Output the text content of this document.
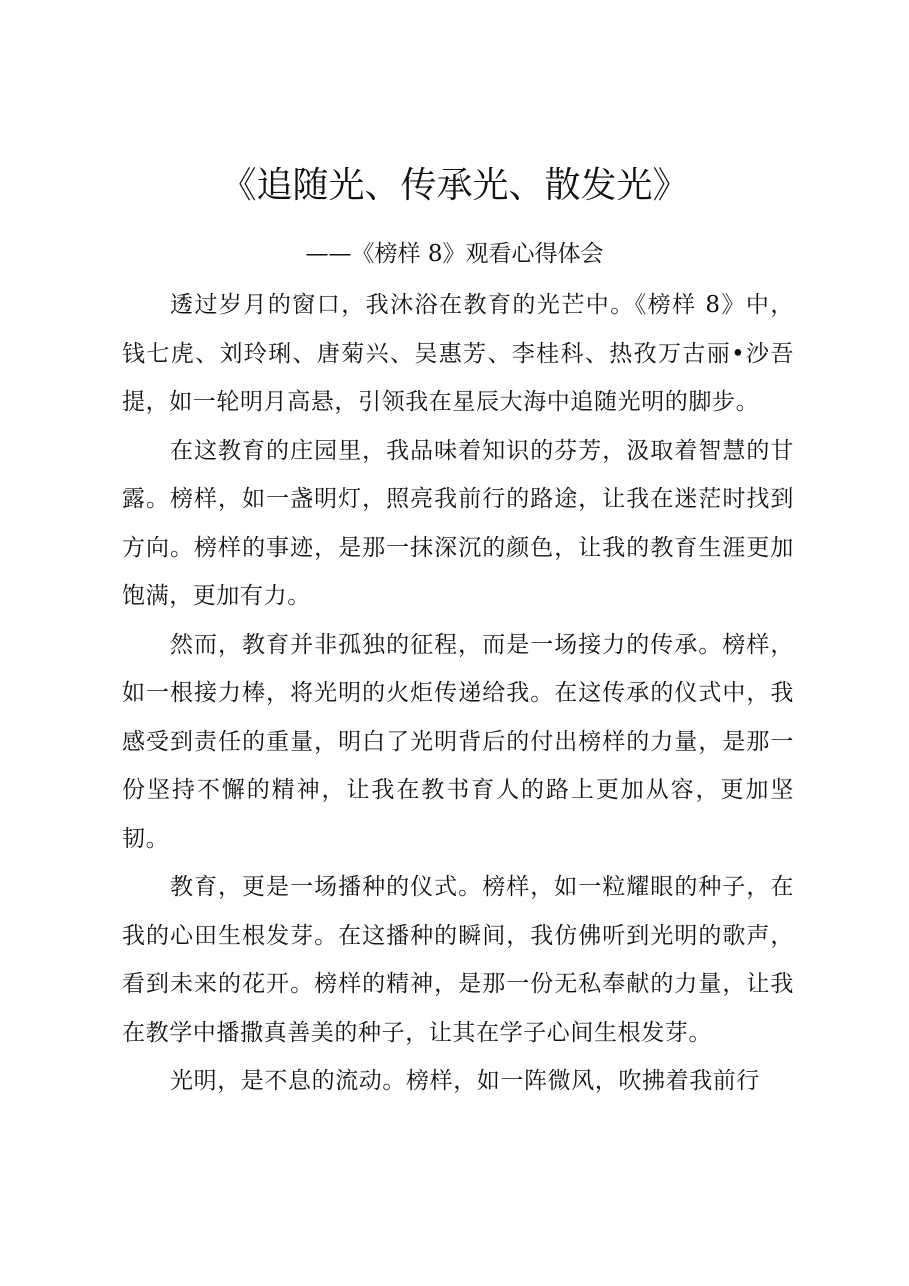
《追随光、传承光、散发光》
——《榜样 8》观看心得体会

透过岁月的窗口，我沐浴在教育的光芒中。《榜样 8》中，钱七虎、刘玲琍、唐菊兴、吴惠芳、李桂科、热孜万古丽•沙吾提，如一轮明月高悬，引领我在星辰大海中追随光明的脚步。

在这教育的庄园里，我品味着知识的芬芳，汲取着智慧的甘露。榜样，如一盏明灯，照亮我前行的路途，让我在迷茫时找到方向。榜样的事迹，是那一抹深沉的颜色，让我的教育生涯更加饱满，更加有力。

然而，教育并非孤独的征程，而是一场接力的传承。榜样，如一根接力棒，将光明的火炬传递给我。在这传承的仪式中，我感受到责任的重量，明白了光明背后的付出榜样的力量，是那一份坚持不懈的精神，让我在教书育人的路上更加从容，更加坚韧。

教育，更是一场播种的仪式。榜样，如一粒耀眼的种子，在我的心田生根发芽。在这播种的瞬间，我仿佛听到光明的歌声，看到未来的花开。榜样的精神，是那一份无私奉献的力量，让我在教学中播撒真善美的种子，让其在学子心间生根发芽。

光明，是不息的流动。榜样，如一阵微风，吹拂着我前行
